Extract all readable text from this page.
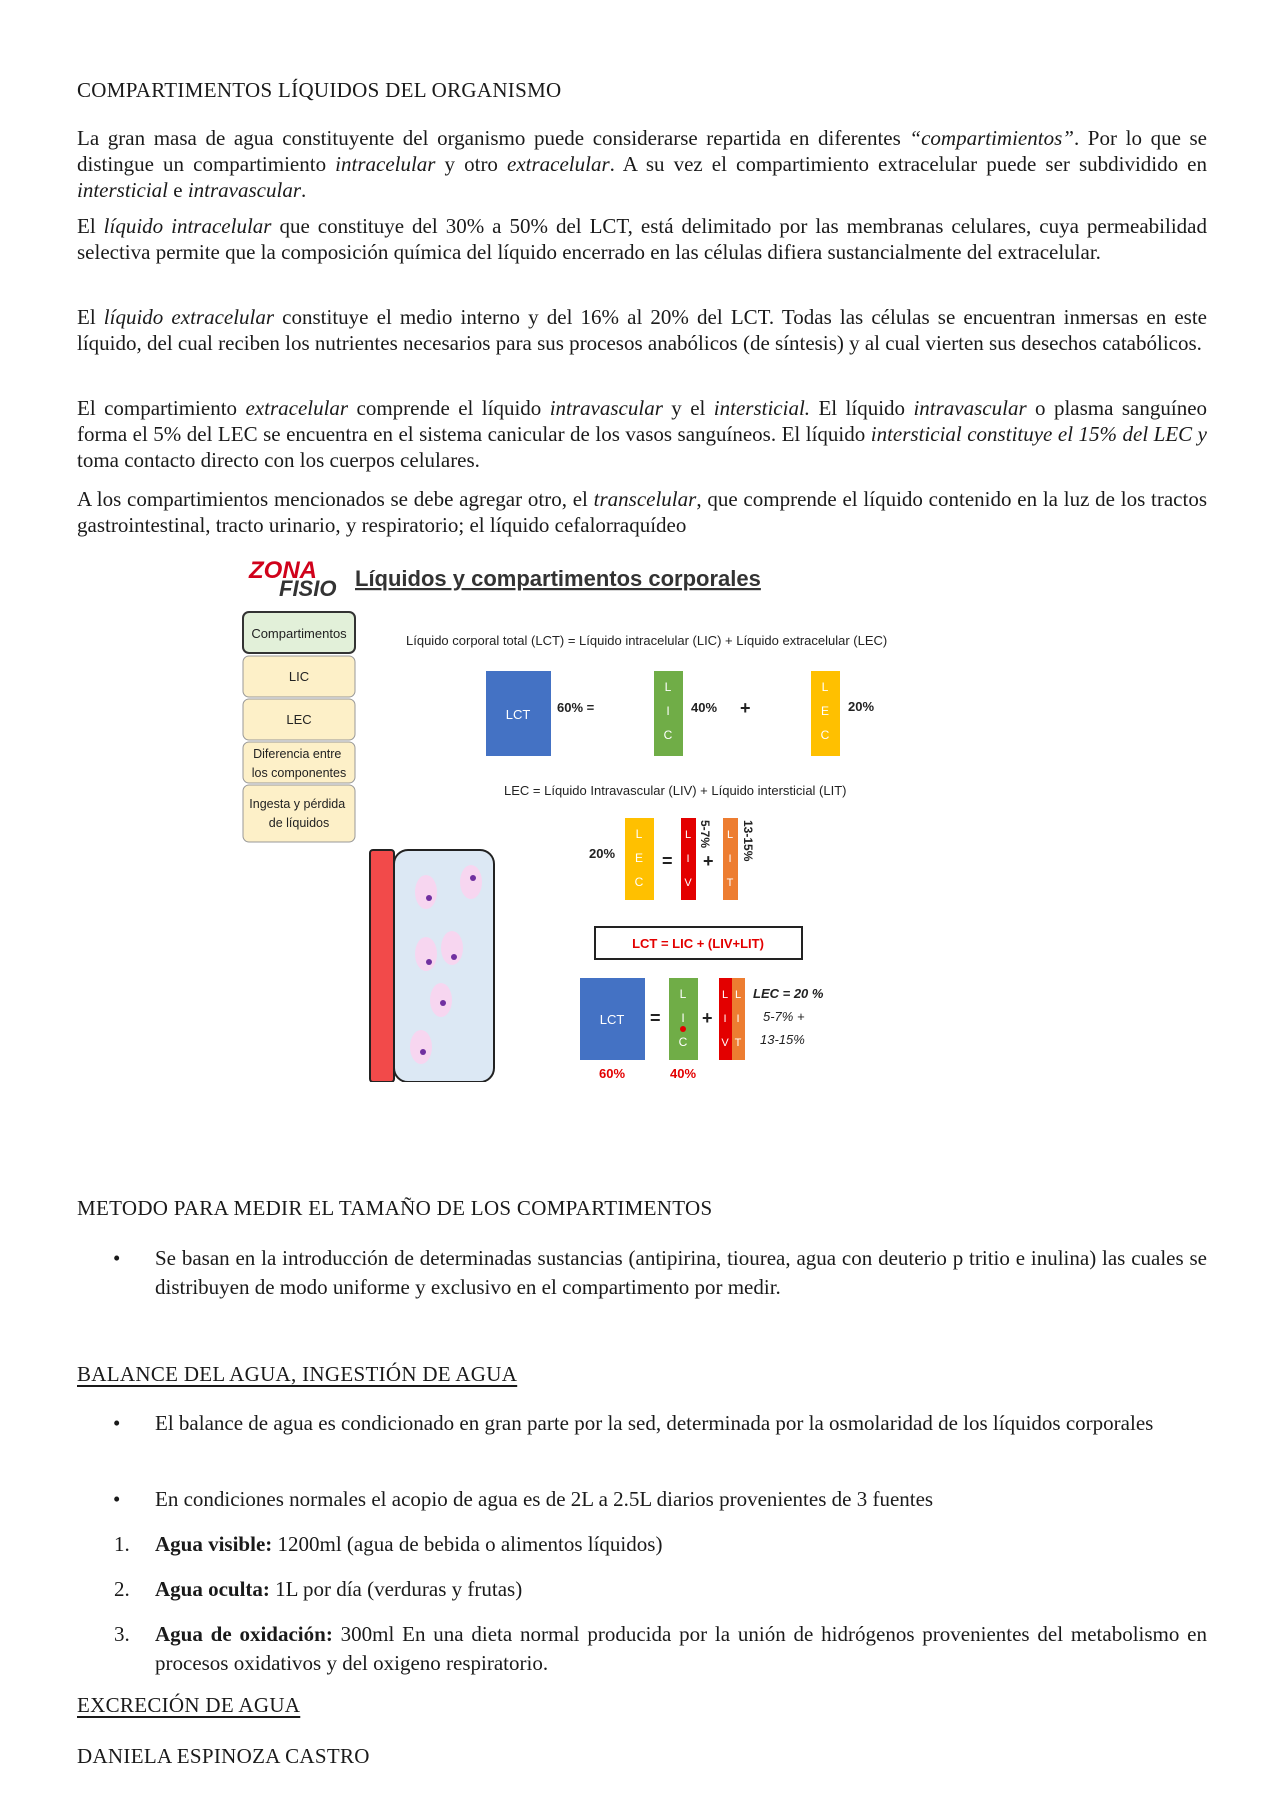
COMPARTIMENTOS LÍQUIDOS DEL ORGANISMO

La gran masa de agua constituyente del organismo puede considerarse repartida en diferentes “compartimientos”. Por lo que se distingue un compartimiento intracelular y otro extracelular. A su vez el compartimiento extracelular puede ser subdividido en intersticial e intravascular.

El líquido intracelular que constituye del 30% a 50% del LCT, está delimitado por las membranas celulares, cuya permeabilidad selectiva permite que la composición química del líquido encerrado en las células difiera sustancialmente del extracelular.

El líquido extracelular constituye el medio interno y del 16% al 20% del LCT. Todas las células se encuentran inmersas en este líquido, del cual reciben los nutrientes necesarios para sus procesos anabólicos (de síntesis) y al cual vierten sus desechos catabólicos.

El compartimiento extracelular comprende el líquido intravascular y el intersticial. El líquido intravascular o plasma sanguíneo forma el 5% del LEC se encuentra en el sistema canicular de los vasos sanguíneos. El líquido intersticial constituye el 15% del LEC y toma contacto directo con los cuerpos celulares.

A los compartimientos mencionados se debe agregar otro, el transcelular, que comprende el líquido contenido en la luz de los tractos gastrointestinal, tracto urinario, y respiratorio; el líquido cefalorraquídeo

METODO PARA MEDIR EL TAMAÑO DE LOS COMPARTIMENTOS
• Se basan en la introducción de determinadas sustancias (antipirina, tiourea, agua con deuterio p tritio e inulina) las cuales se distribuyen de modo uniforme y exclusivo en el compartimento por medir.
BALANCE DEL AGUA, INGESTIÓN DE AGUA
• El balance de agua es condicionado en gran parte por la sed, determinada por la osmolaridad de los líquidos corporales
• En condiciones normales el acopio de agua es de 2L a 2.5L diarios provenientes de 3 fuentes
1. Agua visible: 1200ml (agua de bebida o alimentos líquidos)
2. Agua oculta: 1L por día (verduras y frutas)
3. Agua de oxidación: 300ml En una dieta normal producida por la unión de hidrógenos provenientes del metabolismo en procesos oxidativos y del oxigeno respiratorio.
EXCRECIÓN DE AGUA
DANIELA ESPINOZA CASTRO
ZONA
FISIO Líquidos y compartimentos corporales
Compartimentos
LIC
LEC
Diferencia entre los componentes
Ingesta y pérdida de líquidos
Líquido corporal total (LCT) = Líquido intracelular (LIC) + Líquido extracelular (LEC)
LCT 60% =
L
I
C
40% +
L
E
C
20%
LEC = Líquido Intravascular (LIV) + Líquido intersticial (LIT)
20%
L
E
C
=
L
I
V
5-7%
+
L
I
T
13-15%
LCT = LIC + (LIV+LIT)
LCT
60%
=
L
I
C
40%
+
L
I
V
L
I
T
LEC = 20 %
5-7% +
13-15%
